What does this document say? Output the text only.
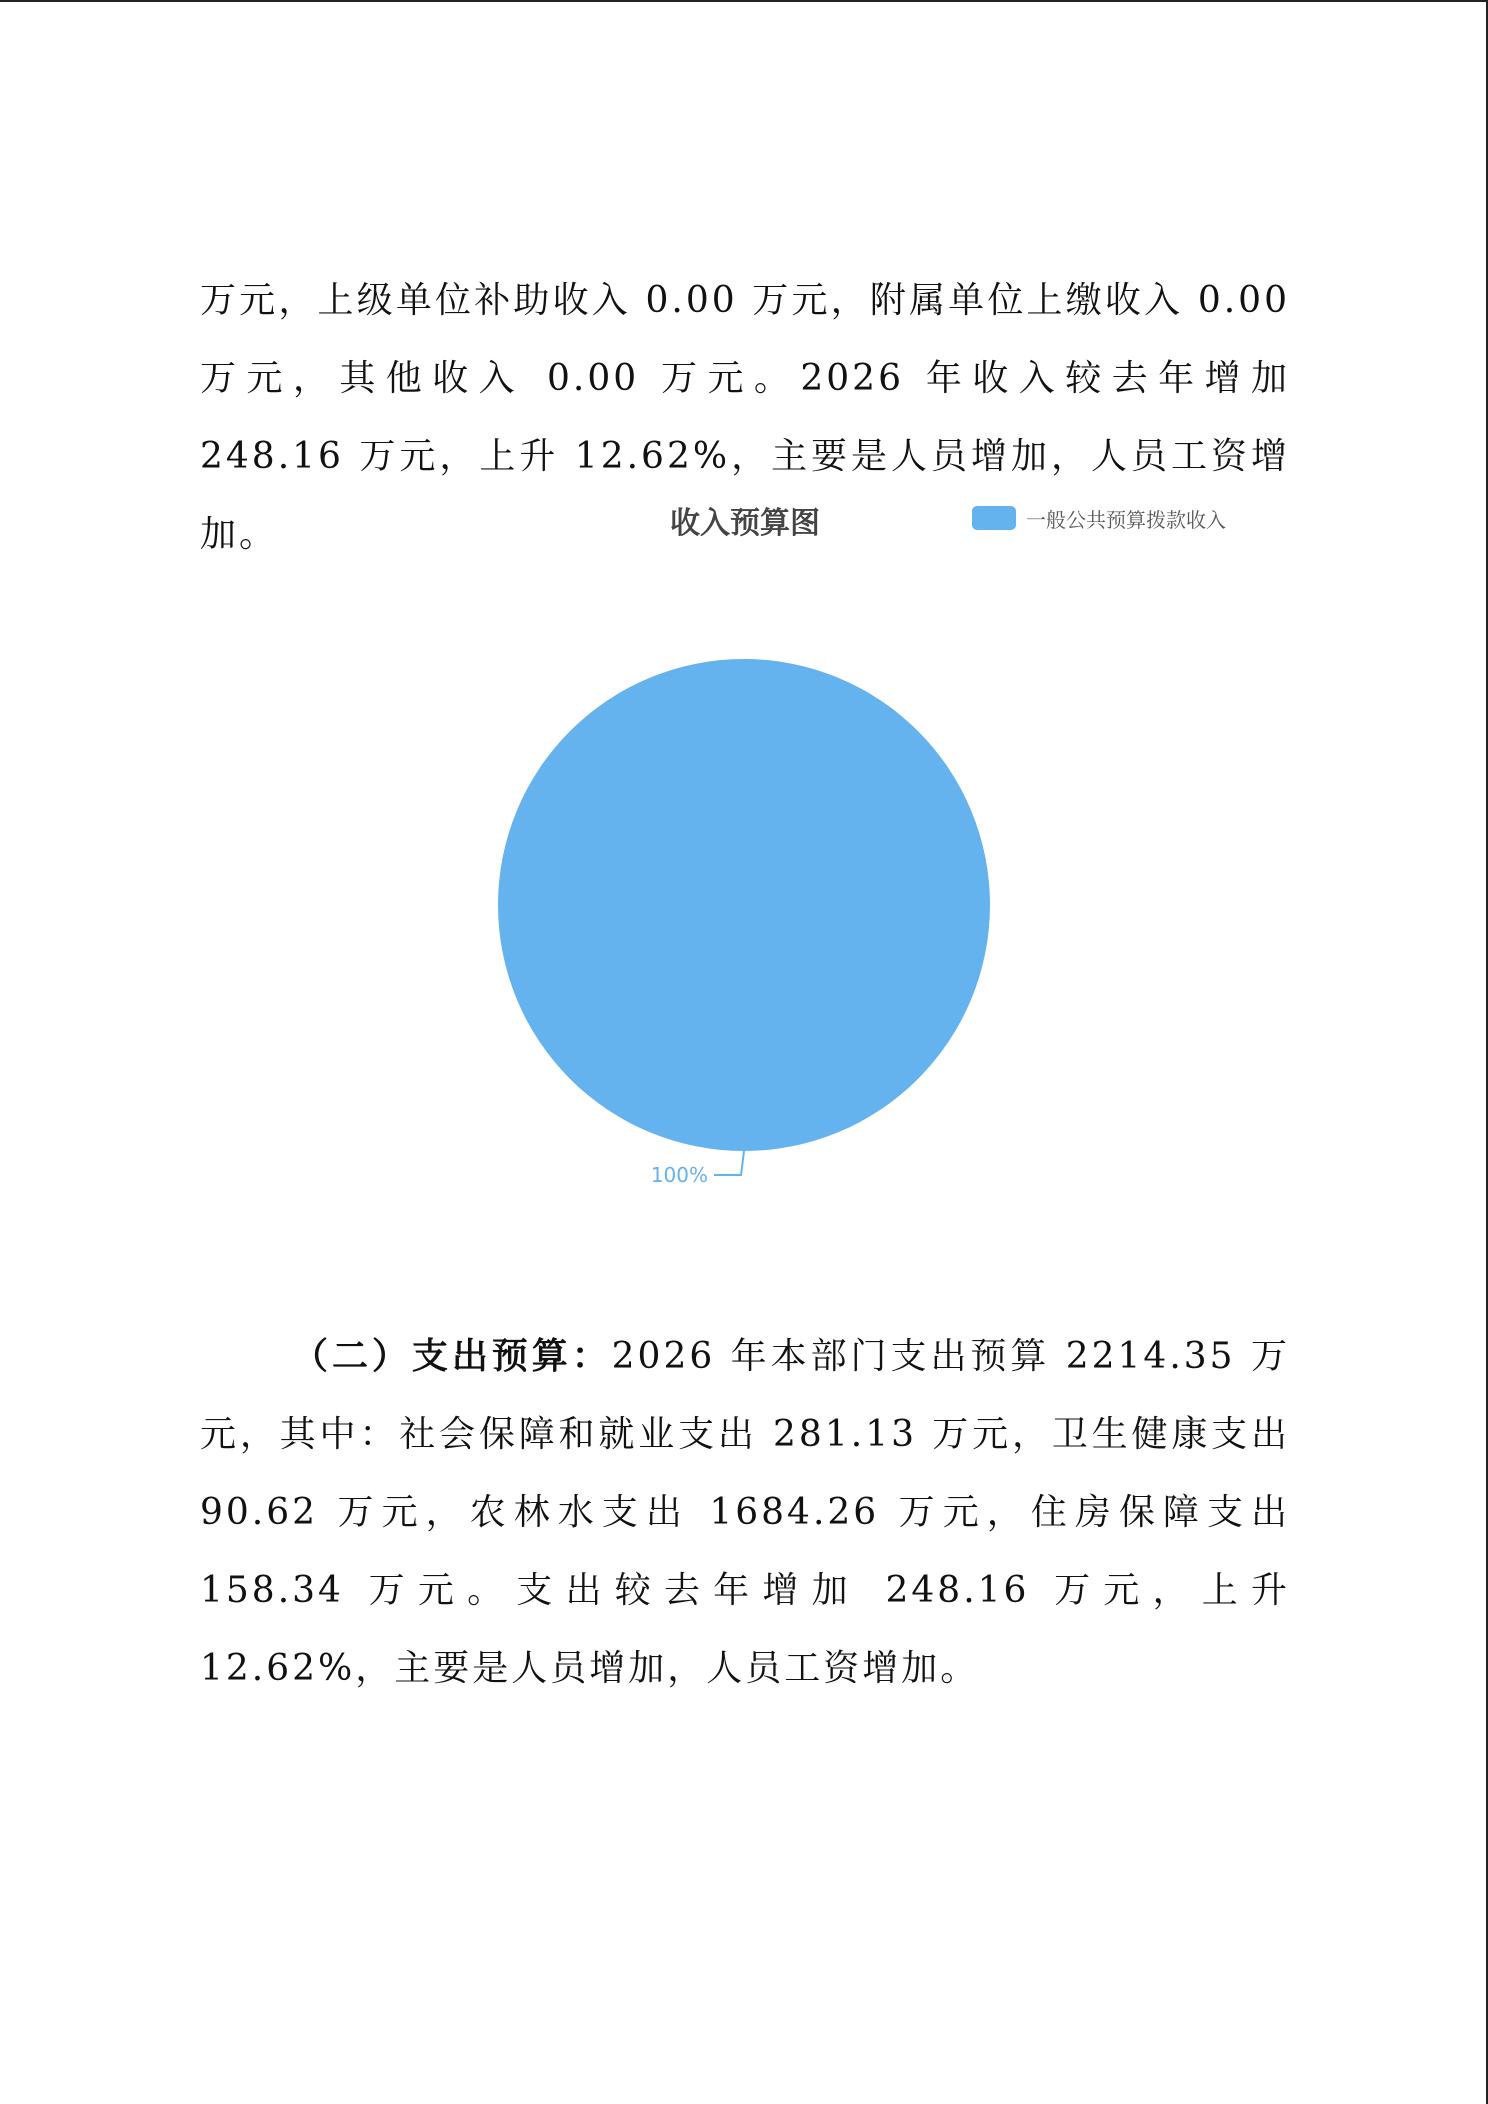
万元，上级单位补助收入 0.00 万元，附属单位上缴收入 0.00 万元，其他收入 0.00 万元。2026 年收入较去年增加 248.16 万元，上升 12.62%，主要是人员增加，人员工资增加。	收入预算图	一般公共预算拨款收入
100%

（二）支出预算：2026 年本部门支出预算 2214.35 万元，其中：社会保障和就业支出 281.13 万元，卫生健康支出 90.62 万元，农林水支出 1684.26 万元，住房保障支出 158.34 万元。支出较去年增加 248.16 万元，上升 12.62%，主要是人员增加，人员工资增加。
